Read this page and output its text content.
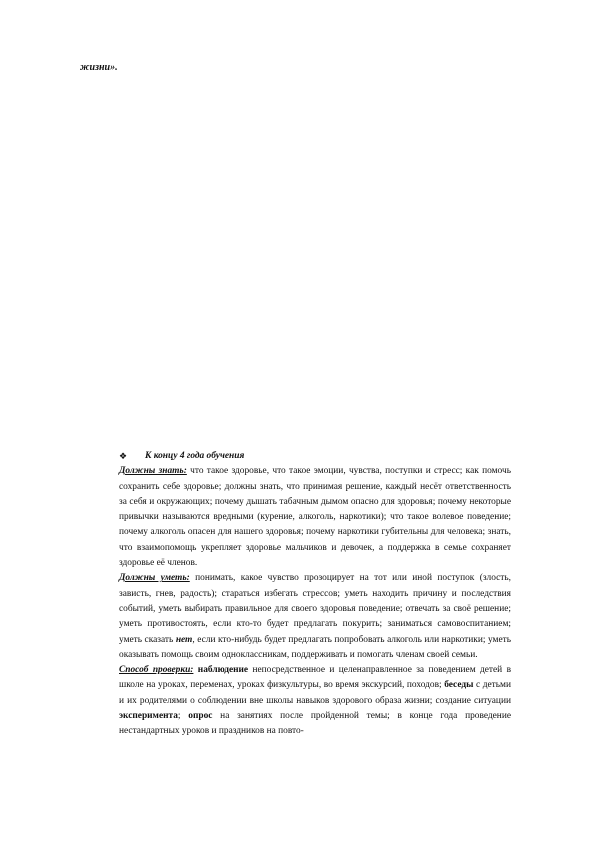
жизни».
❖	К концу 4 года обучения

Должны знать: что такое здоровье, что такое эмоции, чувства, поступки и стресс; как помочь сохранить себе здоровье; должны знать, что принимая решение, каждый несёт ответственность за себя и окружающих; почему дышать табачным дымом опасно для здоровья; почему некоторые привычки называются вредными (курение, алкоголь, наркотики); что такое волевое поведение; почему алкоголь опасен для нашего здоровья; почему наркотики губительны для человека; знать, что взаимопомощь укрепляет здоровье мальчиков и девочек, а поддержка в семье сохраняет здоровье её членов.

Должны уметь: понимать, какое чувство прозоцирует на тот или иной поступок (злость, зависть, гнев, радость); стараться избегать стрессов; уметь находить причину и последствия событий, уметь выбирать правильное для своего здоровья поведение; отвечать за своё решение; уметь противостоять, если кто-то будет предлагать покурить; заниматься самовоспитанием; уметь сказать нет, если кто-нибудь будет предлагать попробовать алкоголь или наркотики; уметь оказывать помощь своим одноклассникам, поддерживать и помогать членам своей семьи.

Способ проверки: наблюдение непосредственное и целенаправленное за поведением детей в школе на уроках, переменах, уроках физкультуры, во время экскурсий, походов; беседы с детьми и их родителями о соблюдении вне школы навыков здорового образа жизни; создание ситуации эксперимента; опрос на занятиях после пройденной темы; в конце года проведение нестандартных уроков и праздников на повто-
